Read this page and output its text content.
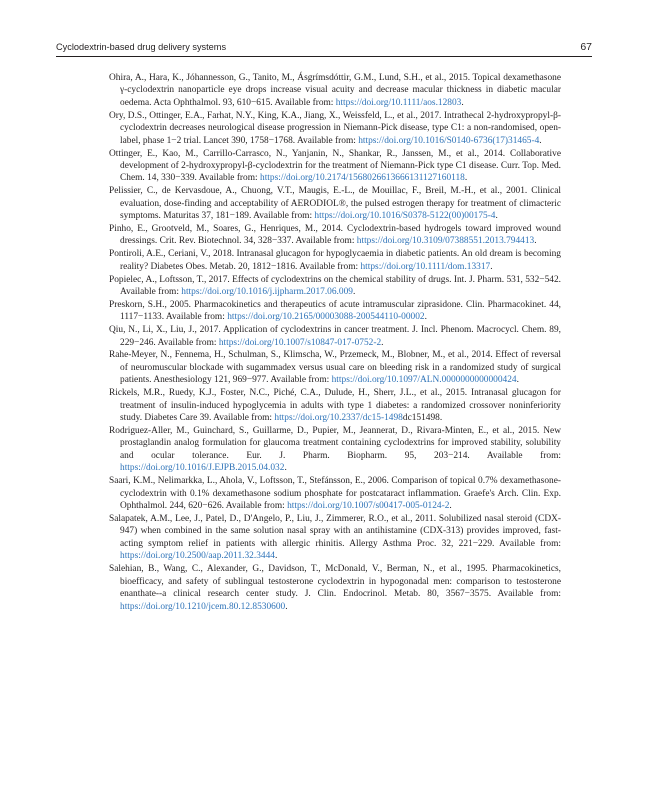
Cyclodextrin-based drug delivery systems	67

Ohira, A., Hara, K., Jóhannesson, G., Tanito, M., Ásgrímsdóttir, G.M., Lund, S.H., et al., 2015. Topical dexamethasone γ-cyclodextrin nanoparticle eye drops increase visual acuity and decrease macular thickness in diabetic macular oedema. Acta Ophthalmol. 93, 610−615. Available from: https://doi.org/10.1111/aos.12803.

Ory, D.S., Ottinger, E.A., Farhat, N.Y., King, K.A., Jiang, X., Weissfeld, L., et al., 2017. Intrathecal 2-hydroxypropyl-β-cyclodextrin decreases neurological disease progression in Niemann-Pick disease, type C1: a non-randomised, open-label, phase 1−2 trial. Lancet 390, 1758−1768. Available from: https://doi.org/10.1016/S0140-6736(17)31465-4.

Ottinger, E., Kao, M., Carrillo-Carrasco, N., Yanjanin, N., Shankar, R., Janssen, M., et al., 2014. Collaborative development of 2-hydroxypropyl-β-cyclodextrin for the treatment of Niemann-Pick type C1 disease. Curr. Top. Med. Chem. 14, 330−339. Available from: https://doi.org/10.2174/1568026613666131127160118.

Pelissier, C., de Kervasdoue, A., Chuong, V.T., Maugis, E.-L., de Mouillac, F., Breil, M.-H., et al., 2001. Clinical evaluation, dose-finding and acceptability of AERODIOL®, the pulsed estrogen therapy for treatment of climacteric symptoms. Maturitas 37, 181−189. Available from: https://doi.org/10.1016/S0378-5122(00)00175-4.

Pinho, E., Grootveld, M., Soares, G., Henriques, M., 2014. Cyclodextrin-based hydrogels toward improved wound dressings. Crit. Rev. Biotechnol. 34, 328−337. Available from: https://doi.org/10.3109/07388551.2013.794413.

Pontiroli, A.E., Ceriani, V., 2018. Intranasal glucagon for hypoglycaemia in diabetic patients. An old dream is becoming reality? Diabetes Obes. Metab. 20, 1812−1816. Available from: https://doi.org/10.1111/dom.13317.

Popielec, A., Loftsson, T., 2017. Effects of cyclodextrins on the chemical stability of drugs. Int. J. Pharm. 531, 532−542. Available from: https://doi.org/10.1016/j.ijpharm.2017.06.009.

Preskorn, S.H., 2005. Pharmacokinetics and therapeutics of acute intramuscular ziprasidone. Clin. Pharmacokinet. 44, 1117−1133. Available from: https://doi.org/10.2165/00003088-200544110-00002.

Qiu, N., Li, X., Liu, J., 2017. Application of cyclodextrins in cancer treatment. J. Incl. Phenom. Macrocycl. Chem. 89, 229−246. Available from: https://doi.org/10.1007/s10847-017-0752-2.

Rahe-Meyer, N., Fennema, H., Schulman, S., Klimscha, W., Przemeck, M., Blobner, M., et al., 2014. Effect of reversal of neuromuscular blockade with sugammadex versus usual care on bleeding risk in a randomized study of surgical patients. Anesthesiology 121, 969−977. Available from: https://doi.org/10.1097/ALN.0000000000000424.

Rickels, M.R., Ruedy, K.J., Foster, N.C., Piché, C.A., Dulude, H., Sherr, J.L., et al., 2015. Intranasal glucagon for treatment of insulin-induced hypoglycemia in adults with type 1 diabetes: a randomized crossover noninferiority study. Diabetes Care 39. Available from: https://doi.org/10.2337/dc15-1498dc151498.

Rodriguez-Aller, M., Guinchard, S., Guillarme, D., Pupier, M., Jeannerat, D., Rivara-Minten, E., et al., 2015. New prostaglandin analog formulation for glaucoma treatment containing cyclodextrins for improved stability, solubility and ocular tolerance. Eur. J. Pharm. Biopharm. 95, 203−214. Available from: https://doi.org/10.1016/J.EJPB.2015.04.032.

Saari, K.M., Nelimarkka, L., Ahola, V., Loftsson, T., Stefánsson, E., 2006. Comparison of topical 0.7% dexamethasone-cyclodextrin with 0.1% dexamethasone sodium phosphate for postcataract inflammation. Graefe's Arch. Clin. Exp. Ophthalmol. 244, 620−626. Available from: https://doi.org/10.1007/s00417-005-0124-2.

Salapatek, A.M., Lee, J., Patel, D., D'Angelo, P., Liu, J., Zimmerer, R.O., et al., 2011. Solubilized nasal steroid (CDX-947) when combined in the same solution nasal spray with an antihistamine (CDX-313) provides improved, fast-acting symptom relief in patients with allergic rhinitis. Allergy Asthma Proc. 32, 221−229. Available from: https://doi.org/10.2500/aap.2011.32.3444.

Salehian, B., Wang, C., Alexander, G., Davidson, T., McDonald, V., Berman, N., et al., 1995. Pharmacokinetics, bioefficacy, and safety of sublingual testosterone cyclodextrin in hypogonadal men: comparison to testosterone enanthate--a clinical research center study. J. Clin. Endocrinol. Metab. 80, 3567−3575. Available from: https://doi.org/10.1210/jcem.80.12.8530600.
